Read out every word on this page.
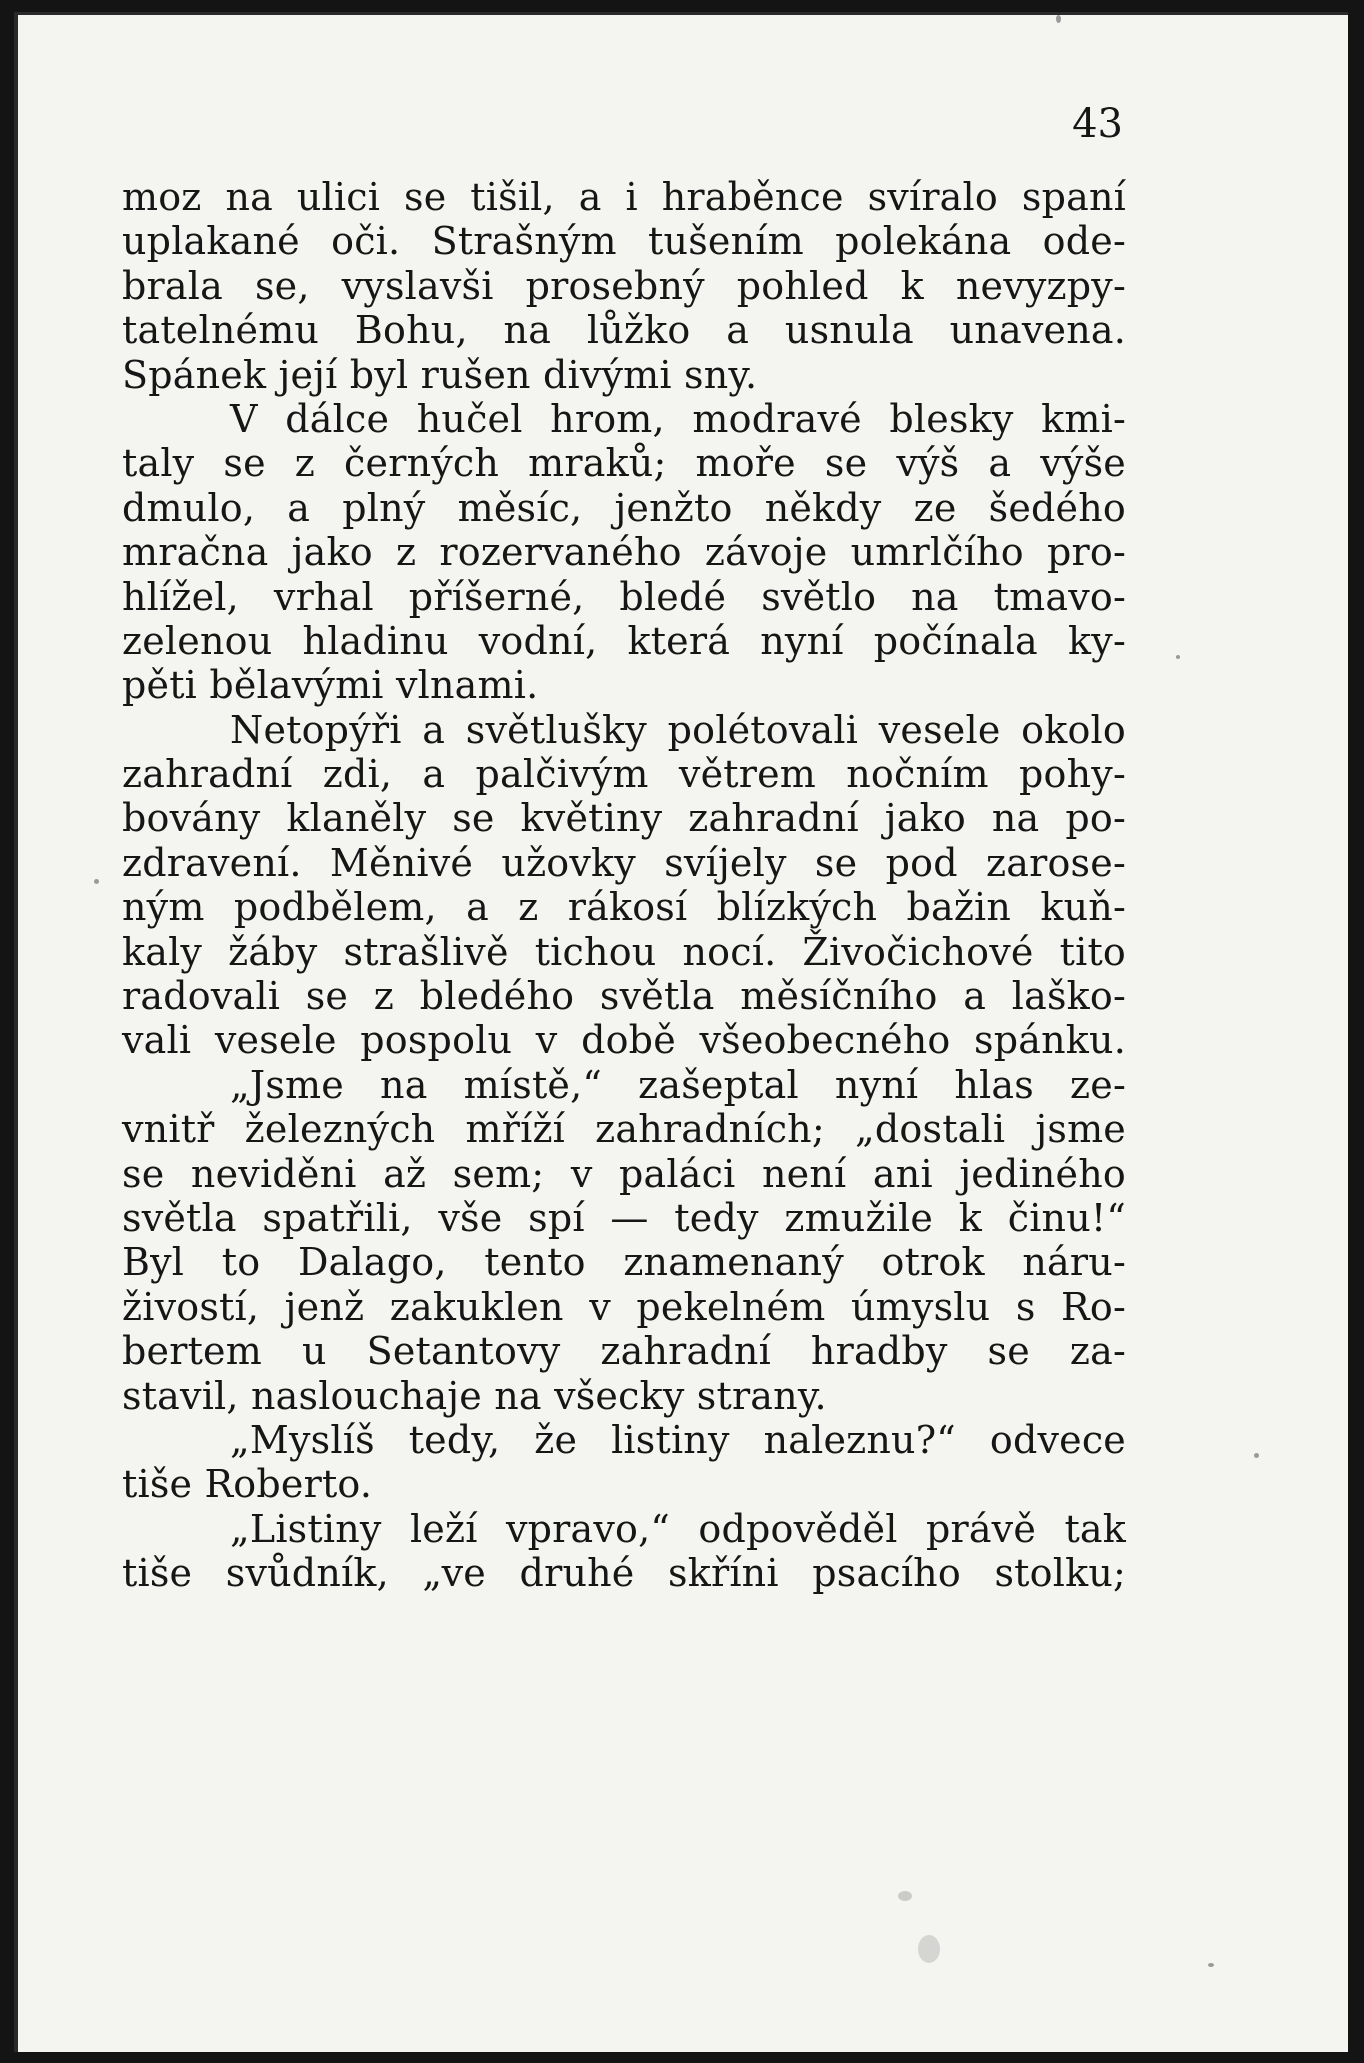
43
moz na ulici se tišil, a i hraběnce svíralo spaní
uplakané oči. Strašným tušením polekána ode-
brala se, vyslavši prosebný pohled k nevyzpy-
tatelnému Bohu, na lůžko a usnula unavena.
Spánek její byl rušen divými sny.
V dálce hučel hrom, modravé blesky kmi-
taly se z černých mraků; moře se výš a výše
dmulo, a plný měsíc, jenžto někdy ze šedého
mračna jako z rozervaného závoje umrlčího pro-
hlížel, vrhal příšerné, bledé světlo na tmavo-
zelenou hladinu vodní, která nyní počínala ky-
pěti bělavými vlnami.
Netopýři a světlušky polétovali vesele okolo
zahradní zdi, a palčivým větrem nočním pohy-
bovány klaněly se květiny zahradní jako na po-
zdravení. Měnivé užovky svíjely se pod zarose-
ným podbělem, a z rákosí blízkých bažin kuň-
kaly žáby strašlivě tichou nocí. Živočichové tito
radovali se z bledého světla měsíčního a laško-
vali vesele pospolu v době všeobecného spánku.
„Jsme na místě,“ zašeptal nyní hlas ze-
vnitř železných mříží zahradních; „dostali jsme
se neviděni až sem; v paláci není ani jediného
světla spatřili, vše spí — tedy zmužile k činu!“
Byl to Dalago, tento znamenaný otrok náru-
živostí, jenž zakuklen v pekelném úmyslu s Ro-
bertem u Setantovy zahradní hradby se za-
stavil, naslouchaje na všecky strany.
„Myslíš tedy, že listiny naleznu?“ odvece
tiše Roberto.
„Listiny leží vpravo,“ odpověděl právě tak
tiše svůdník, „ve druhé skříni psacího stolku;
